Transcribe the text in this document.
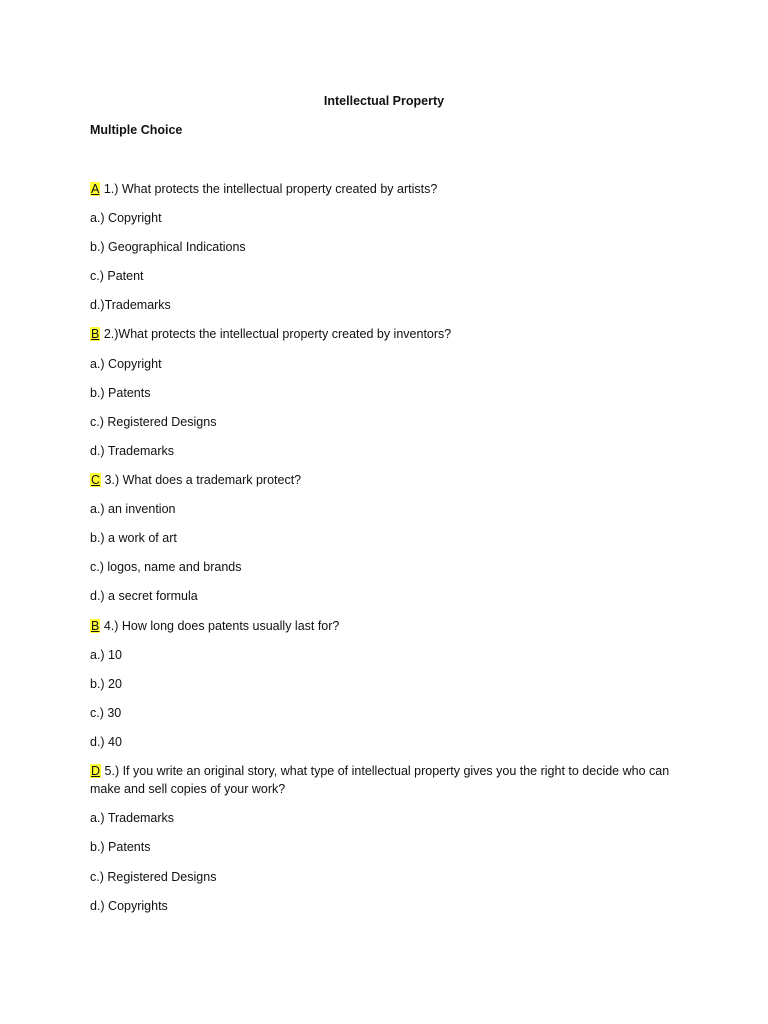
Intellectual Property
Multiple Choice
A 1.) What protects the intellectual property created by artists?
a.) Copyright
b.) Geographical Indications
c.) Patent
d.)Trademarks
B 2.)What protects the intellectual property created by inventors?
a.) Copyright
b.) Patents
c.) Registered Designs
d.) Trademarks
C 3.) What does a trademark protect?
a.) an invention
b.) a work of art
c.) logos, name and brands
d.) a secret formula
B 4.) How long does patents usually last for?
a.) 10
b.) 20
c.) 30
d.) 40
D 5.) If you write an original story, what type of intellectual property gives you the right to decide who can make and sell copies of your work?
a.) Trademarks
b.) Patents
c.) Registered Designs
d.) Copyrights
